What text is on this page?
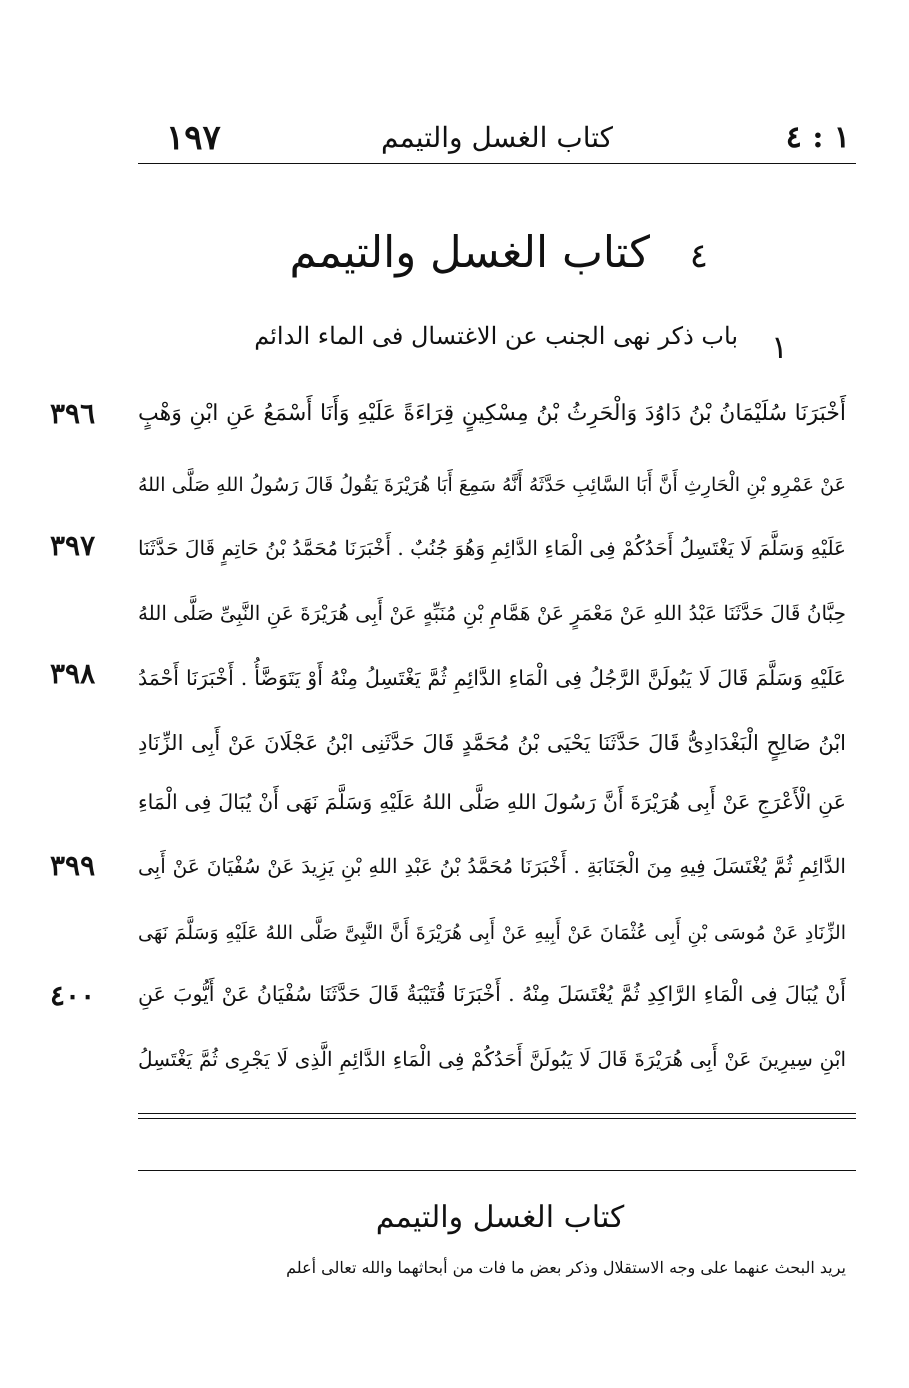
١٩٧	كتاب الغسل والتيمم	١ : ٤
٤
كتاب الغسل والتيمم
١
باب ذكر نهى الجنب عن الاغتسال فى الماء الدائم
أَخْبَرَنَا سُلَيْمَانُ بْنُ دَاوُدَ وَالْحَرِثُ بْنُ مِسْكِينٍ قِرَاءَةً عَلَيْهِ وَأَنَا أَسْمَعُ عَنِ ابْنِ وَهْبٍ
عَنْ عَمْرِو بْنِ الْحَارِثِ أَنَّ أَبَا السَّائِبِ حَدَّثَهُ أَنَّهُ سَمِعَ أَبَا هُرَيْرَةَ يَقُولُ قَالَ رَسُولُ اللهِ صَلَّى اللهُ
عَلَيْهِ وَسَلَّمَ لَا يَغْتَسِلُ أَحَدُكُمْ فِى الْمَاءِ الدَّائِمِ وَهُوَ جُنُبٌ . أَخْبَرَنَا مُحَمَّدُ بْنُ حَاتِمٍ قَالَ حَدَّثَنَا
حِبَّانُ قَالَ حَدَّثَنَا عَبْدُ اللهِ عَنْ مَعْمَرٍ عَنْ هَمَّامِ بْنِ مُنَبِّهٍ عَنْ أَبِى هُرَيْرَةَ عَنِ النَّبِىِّ صَلَّى اللهُ
عَلَيْهِ وَسَلَّمَ قَالَ لَا يَبُولَنَّ الرَّجُلُ فِى الْمَاءِ الدَّائِمِ ثُمَّ يَغْتَسِلُ مِنْهُ أَوْ يَتَوَضَّأُ . أَخْبَرَنَا أَحْمَدُ
ابْنُ صَالِحٍ الْبَغْدَادِىُّ قَالَ حَدَّثَنَا يَحْيَى بْنُ مُحَمَّدٍ قَالَ حَدَّثَنِى ابْنُ عَجْلَانَ عَنْ أَبِى الزِّنَادِ
عَنِ الْأَعْرَجِ عَنْ أَبِى هُرَيْرَةَ أَنَّ رَسُولَ اللهِ صَلَّى اللهُ عَلَيْهِ وَسَلَّمَ نَهَى أَنْ يُبَالَ فِى الْمَاءِ
الدَّائِمِ ثُمَّ يُغْتَسَلَ فِيهِ مِنَ الْجَنَابَةِ . أَخْبَرَنَا مُحَمَّدُ بْنُ عَبْدِ اللهِ بْنِ يَزِيدَ عَنْ سُفْيَانَ عَنْ أَبِى
الزِّنَادِ عَنْ مُوسَى بْنِ أَبِى عُثْمَانَ عَنْ أَبِيهِ عَنْ أَبِى هُرَيْرَةَ أَنَّ النَّبِىَّ صَلَّى اللهُ عَلَيْهِ وَسَلَّمَ نَهَى
أَنْ يُبَالَ فِى الْمَاءِ الرَّاكِدِ ثُمَّ يُغْتَسَلَ مِنْهُ . أَخْبَرَنَا قُتَيْبَةُ قَالَ حَدَّثَنَا سُفْيَانُ عَنْ أَيُّوبَ عَنِ
ابْنِ سِيرِينَ عَنْ أَبِى هُرَيْرَةَ قَالَ لَا يَبُولَنَّ أَحَدُكُمْ فِى الْمَاءِ الدَّائِمِ الَّذِى لَا يَجْرِى ثُمَّ يَغْتَسِلُ
٣٩٦
٣٩٧
٣٩٨
٣٩٩
٤٠٠
كتاب الغسل والتيمم
يريد البحث عنهما على وجه الاستقلال وذكر بعض ما فات من أبحاثهما والله تعالى أعلم
